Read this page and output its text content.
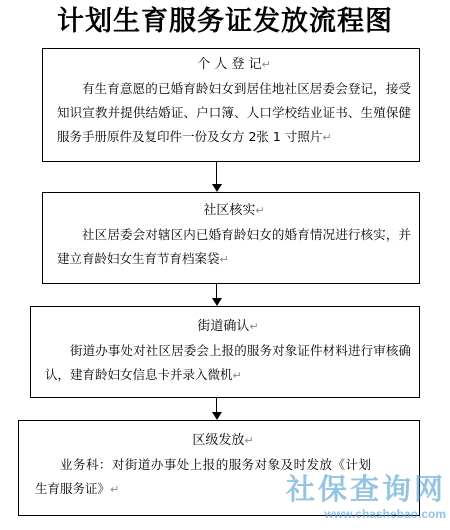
计划生育服务证发放流程图
个 人 登 记↵
有生育意愿的已婚育龄妇女到居住地社区居委会登记，接受知识宣教并提供结婚证、户口簿、人口学校结业证书、生殖保健服务手册原件及复印件一份及女方 2张 1 寸照片↵
社区核实↵
社区居委会对辖区内已婚育龄妇女的婚育情况进行核实，并建立育龄妇女生育节育档案袋↵
街道确认↵
街道办事处对社区居委会上报的服务对象证件材料进行审核确认，建育龄妇女信息卡并录入微机↵
区级发放↵
业务科：对街道办事处上报的服务对象及时发放《计划生育服务证》↵	社保查询网
www.chashebao.com
